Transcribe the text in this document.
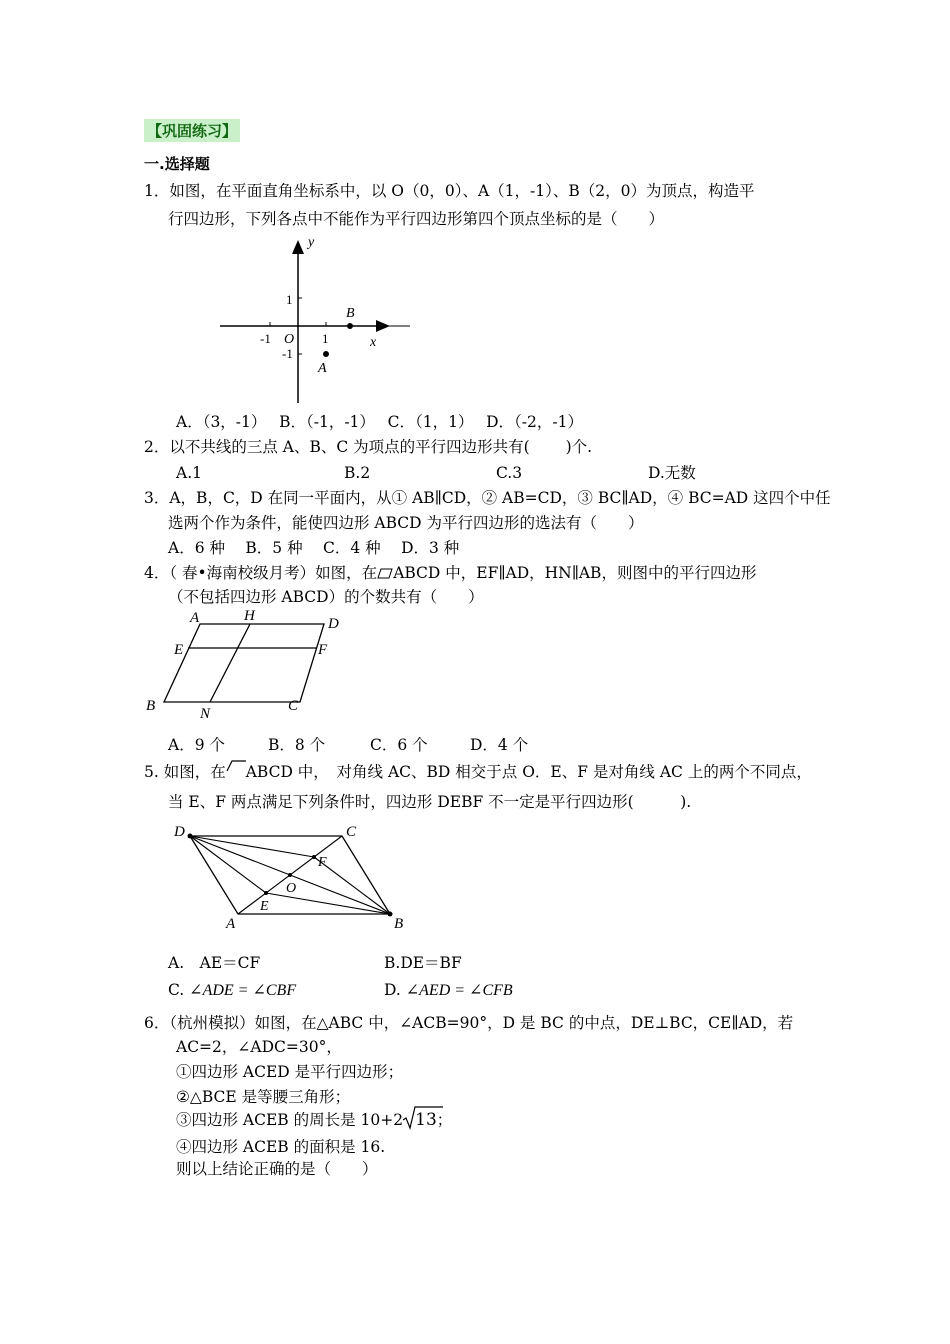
【巩固练习】
一.选择题
1．如图，在平面直角坐标系中，以 O（0，0）、A（1，-1）、B（2，0）为顶点，构造平
行四边形，下列各点中不能作为平行四边形第四个顶点坐标的是（　　）
y
x
1
-1 O 1
-1
A
B
A．（3，-1）　 B．（-1，-1）　 C．（1，1）　 D．（-2，-1）
2．以不共线的三点 A、B、C 为项点的平行四边形共有(　　 )个.
A.1	B.2	C.3	D.无数
3．A，B，C，D 在同一平面内，从① AB∥CD，② AB=CD，③ BC∥AD，④ BC=AD 这四个中任
选两个作为条件，能使四边形 ABCD 为平行四边形的选法有（　　）
A．6 种　 B．5 种　 C．4 种　 D．3 种
4．（ 春•海南校级月考）如图，在 ABCD 中，EF∥AD，HN∥AB，则图中的平行四边形
（不包括四边形 ABCD）的个数共有（　　）
A	H	D
E	F
B	N	C
A．9 个	B．8 个	C．6 个	D．4 个
5. 如图，在 ABCD 中，　对角线 AC、BD 相交于点 O．E、F 是对角线 AC 上的两个不同点，
当 E、F 两点满足下列条件时，四边形 DEBF 不一定是平行四边形(　　　).
D	C
F
O
E
A	B
A.　AE＝CF	B.DE＝BF
C. ∠ADE = ∠CBF	D. ∠AED = ∠CFB
6．（杭州模拟）如图，在△ABC 中，∠ACB=90°，D 是 BC 的中点，DE⊥BC，CE∥AD，若
AC=2，∠ADC=30°，
①四边形 ACED 是平行四边形；
②△BCE 是等腰三角形；
③四边形 ACEB 的周长是 10+2 13；
④四边形 ACEB 的面积是 16.
则以上结论正确的是（　　）
